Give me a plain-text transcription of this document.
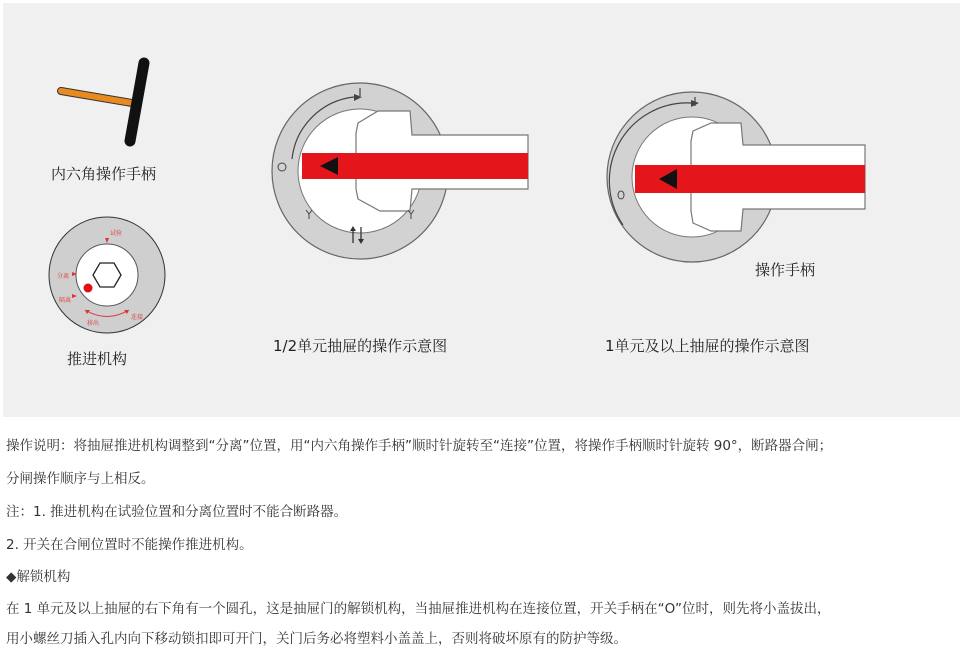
内六角操作手柄
试验
分离
隔离
移出
连接
推进机构
1/2单元抽屉的操作示意图
操作手柄
1单元及以上抽屉的操作示意图
操作说明：将抽屉推进机构调整到“分离”位置，用“内六角操作手柄”顺时针旋转至“连接”位置，将操作手柄顺时针旋转 90°，断路器合闸；
分闸操作顺序与上相反。
注：1. 推进机构在试验位置和分离位置时不能合断路器。
2. 开关在合闸位置时不能操作推进机构。
◆解锁机构
在 1 单元及以上抽屉的右下角有一个圆孔，这是抽屉门的解锁机构，当抽屉推进机构在连接位置，开关手柄在“O”位时，则先将小盖拔出，
用小螺丝刀插入孔内向下移动锁扣即可开门，关门后务必将塑料小盖盖上，否则将破坏原有的防护等级。
